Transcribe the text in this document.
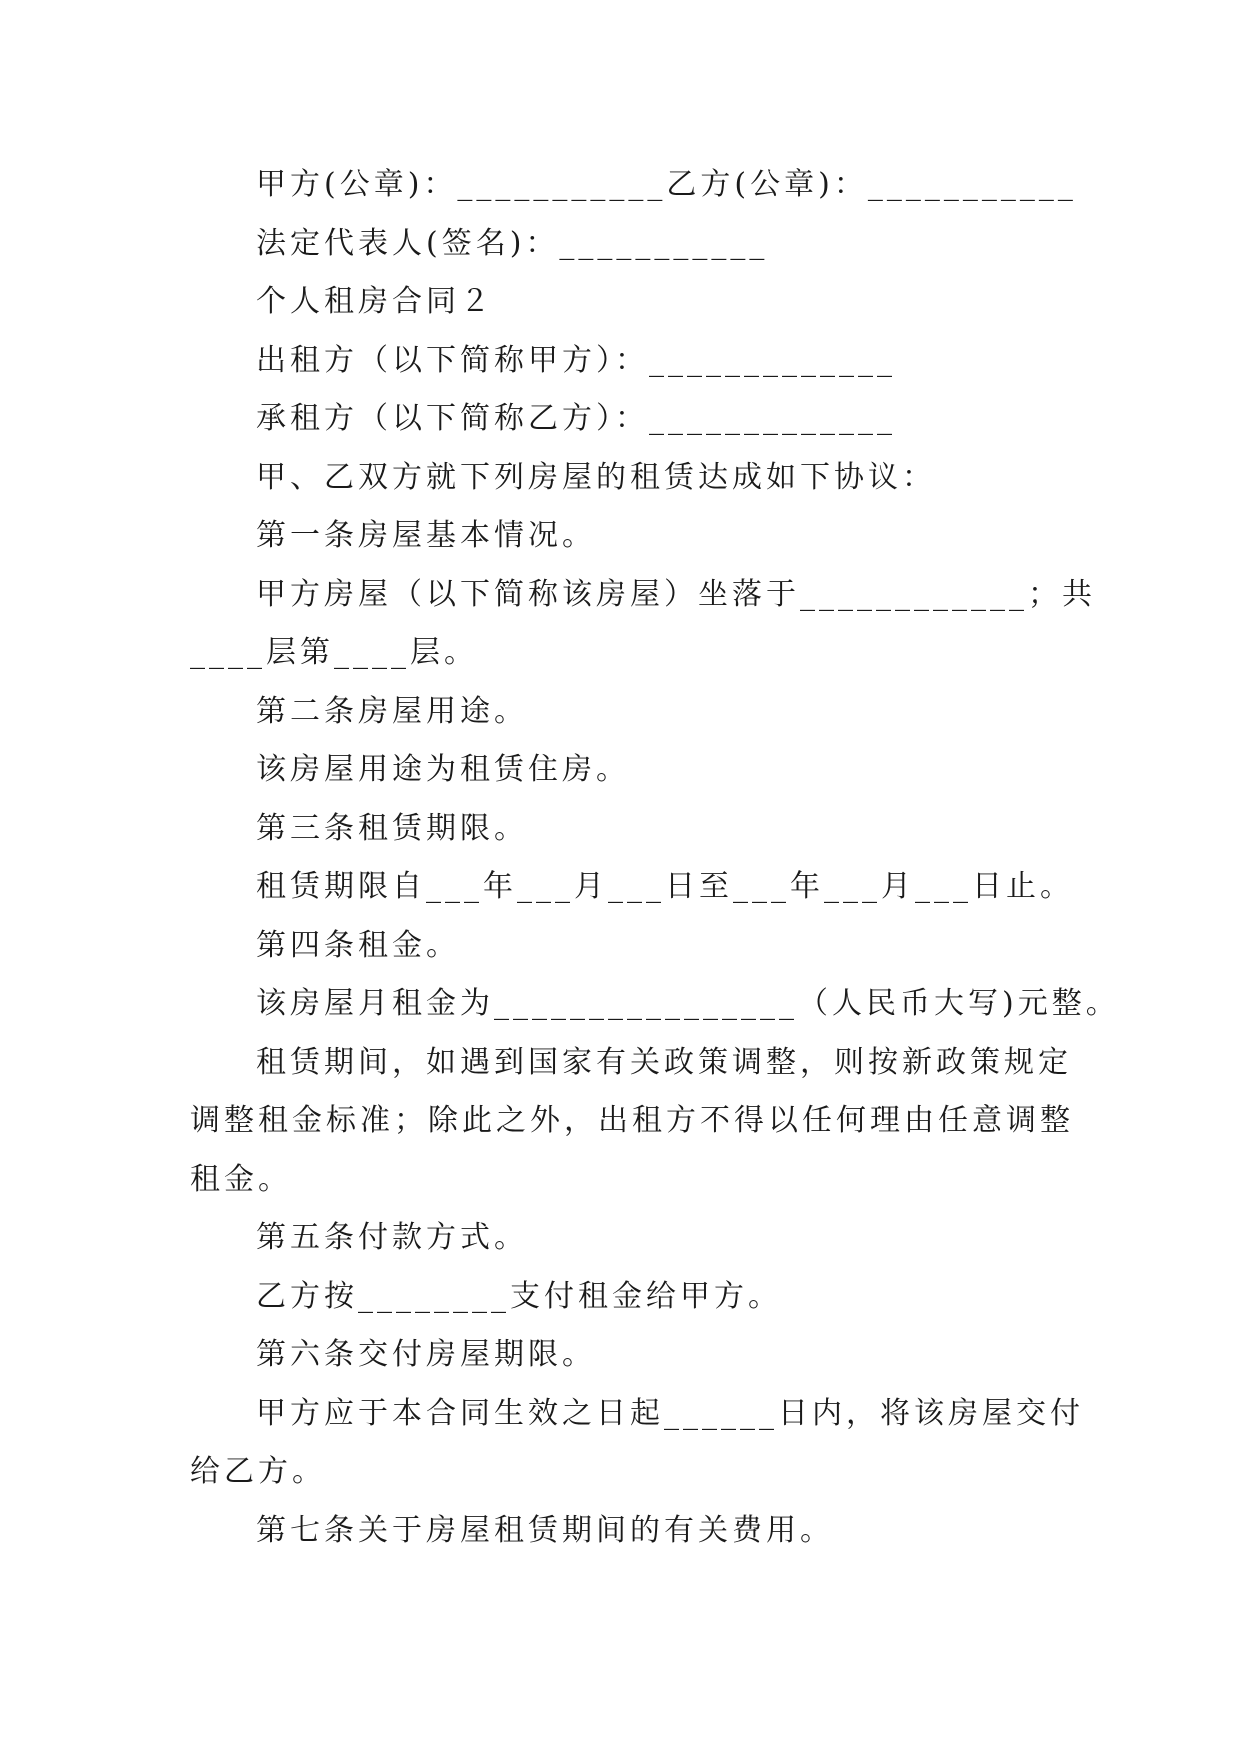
甲方(公章)：___________乙方(公章)：___________
法定代表人(签名)：___________
个人租房合同２
出租方（以下简称甲方）：_____________
承租方（以下简称乙方）：_____________
甲、乙双方就下列房屋的租赁达成如下协议：
第一条房屋基本情况。
甲方房屋（以下简称该房屋）坐落于____________；共
____层第____层。
第二条房屋用途。
该房屋用途为租赁住房。
第三条租赁期限。
租赁期限自___年___月___日至___年___月___日止。
第四条租金。
该房屋月租金为________________（人民币大写)元整。
租赁期间，如遇到国家有关政策调整，则按新政策规定
调整租金标准；除此之外，出租方不得以任何理由任意调整
租金。
第五条付款方式。
乙方按________支付租金给甲方。
第六条交付房屋期限。
甲方应于本合同生效之日起______日内，将该房屋交付
给乙方。
第七条关于房屋租赁期间的有关费用。
